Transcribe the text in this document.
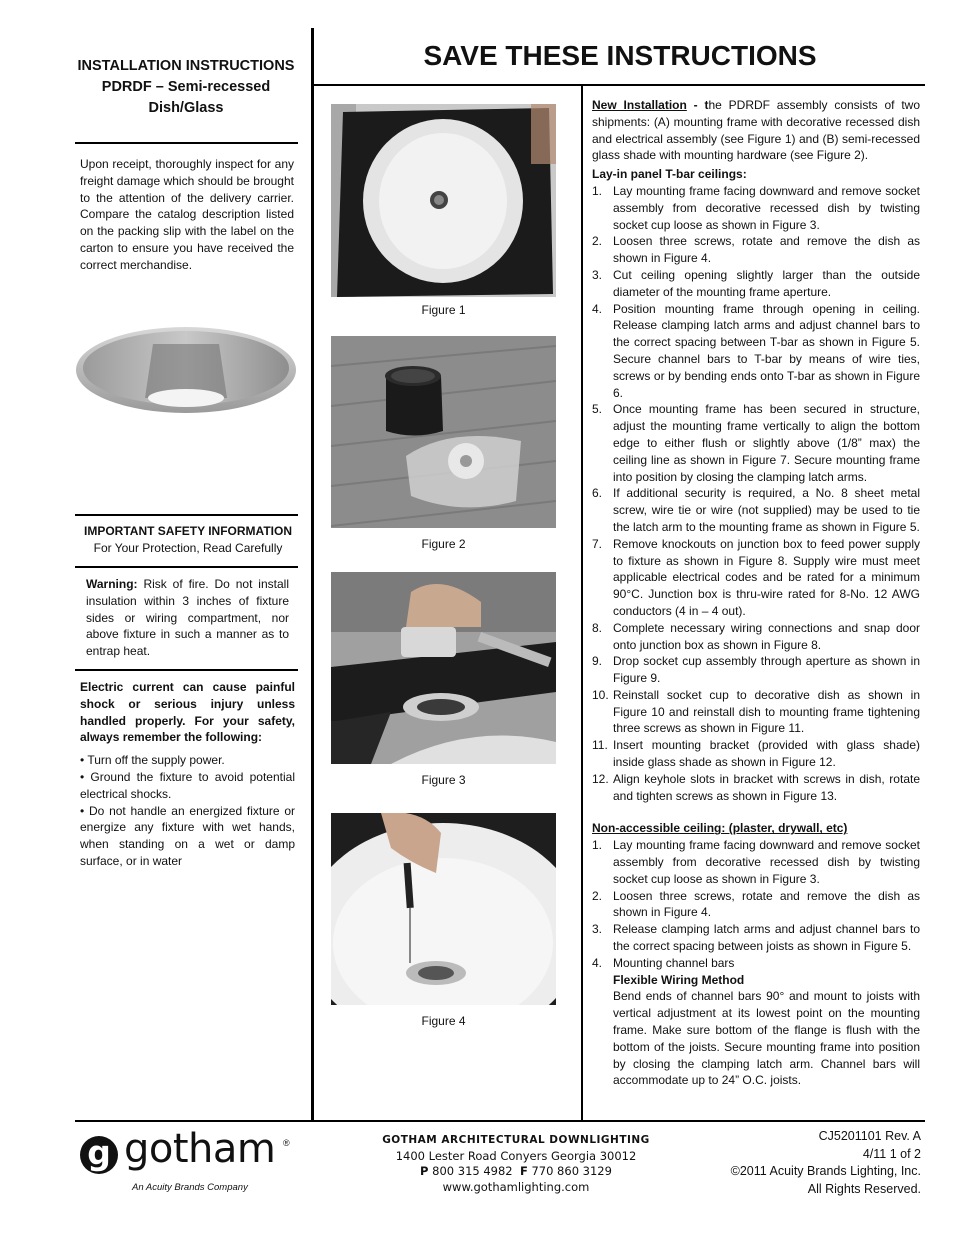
INSTALLATION INSTRUCTIONS
PDRDF – Semi-recessed
Dish/Glass
Upon receipt, thoroughly inspect for any freight damage which should be brought to the attention of the delivery carrier. Compare the catalog description listed on the packing slip with the label on the carton to ensure you have received the correct merchandise.
IMPORTANT SAFETY INFORMATION
For Your Protection, Read Carefully
Warning: Risk of fire. Do not install insulation within 3 inches of fixture sides or wiring compartment, nor above fixture in such a manner as to entrap heat.
Electric current can cause painful shock or serious injury unless handled properly. For your safety, always remember the following:
• Turn off the supply power.
• Ground the fixture to avoid potential electrical shocks.
• Do not handle an energized fixture or energize any fixture with wet hands, when standing on a wet or damp surface, or in water
SAVE THESE INSTRUCTIONS
Figure 1
Figure 2
Figure 3
Figure 4

New Installation - the PDRDF assembly consists of two shipments: (A) mounting frame with decorative recessed dish and electrical assembly (see Figure 1) and (B) semi-recessed glass shade with mounting hardware (see Figure 2).

Lay-in panel T-bar ceilings:
1. Lay mounting frame facing downward and remove socket assembly from decorative recessed dish by twisting socket cup loose as shown in Figure 3.
2. Loosen three screws, rotate and remove the dish as shown in Figure 4.
3. Cut ceiling opening slightly larger than the outside diameter of the mounting frame aperture.
4. Position mounting frame through opening in ceiling. Release clamping latch arms and adjust channel bars to the correct spacing between T-bar as shown in Figure 5. Secure channel bars to T-bar by means of wire ties, screws or by bending ends onto T-bar as shown in Figure 6.
5. Once mounting frame has been secured in structure, adjust the mounting frame vertically to align the bottom edge to either flush or slightly above (1/8” max) the ceiling line as shown in Figure 7. Secure mounting frame into position by closing the clamping latch arms.
6. If additional security is required, a No. 8 sheet metal screw, wire tie or wire (not supplied) may be used to tie the latch arm to the mounting frame as shown in Figure 5.
7. Remove knockouts on junction box to feed power supply to fixture as shown in Figure 8. Supply wire must meet applicable electrical codes and be rated for a minimum 90°C. Junction box is thru-wire rated for 8-No. 12 AWG conductors (4 in – 4 out).
8. Complete necessary wiring connections and snap door onto junction box as shown in Figure 8.
9. Drop socket cup assembly through aperture as shown in Figure 9.
10. Reinstall socket cup to decorative dish as shown in Figure 10 and reinstall dish to mounting frame tightening three screws as shown in Figure 11.
11. Insert mounting bracket (provided with glass shade) inside glass shade as shown in Figure 12.
12. Align keyhole slots in bracket with screws in dish, rotate and tighten screws as shown in Figure 13.
Non-accessible ceiling: (plaster, drywall, etc)
1. Lay mounting frame facing downward and remove socket assembly from decorative recessed dish by twisting socket cup loose as shown in Figure 3.
2. Loosen three screws, rotate and remove the dish as shown in Figure 4.
3. Release clamping latch arms and adjust channel bars to the correct spacing between joists as shown in Figure 5.
4. Mounting channel bars
Flexible Wiring Method
Bend ends of channel bars 90° and mount to joists with vertical adjustment at its lowest point on the mounting frame. Make sure bottom of the flange is flush with the bottom of the joists. Secure mounting frame into position by closing the clamping latch arm. Channel bars will accommodate up to 24” O.C. joists.
g gotham ®
An Acuity Brands Company
GOTHAM ARCHITECTURAL DOWNLIGHTING
1400 Lester Road Conyers Georgia 30012
P 800 315 4982 F 770 860 3129
www.gothamlighting.com
CJ5201101 Rev. A
4/11 1 of 2
©2011 Acuity Brands Lighting, Inc.
All Rights Reserved.
